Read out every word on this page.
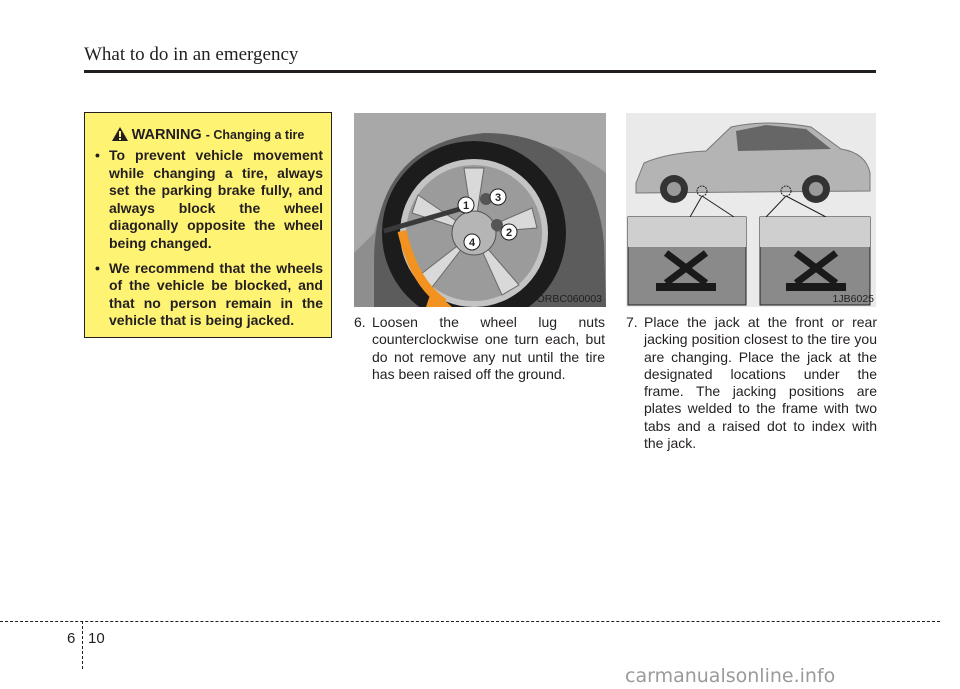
What to do in an emergency
WARNING - Changing a tire
• To prevent vehicle movement while changing a tire, always set the parking brake fully, and always block the wheel diagonally opposite the wheel being changed.
• We recommend that the wheels of the vehicle be blocked, and that no person remain in the vehicle that is being jacked.
1
2
3
4
ORBC060003	1JB6025
6. Loosen the wheel lug nuts counterclockwise one turn each, but do not remove any nut until the tire has been raised off the ground.
7. Place the jack at the front or rear jacking position closest to the tire you are changing. Place the jack at the designated locations under the frame. The jacking positions are plates welded to the frame with two tabs and a raised dot to index with the jack.
6 10
carmanualsonline.info
